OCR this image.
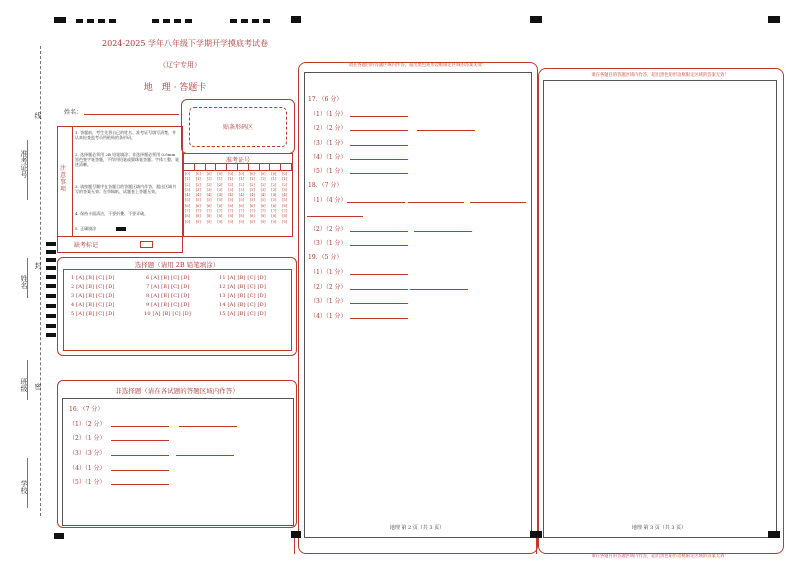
线
准考证号
封
姓名
班级 密
学校
2024-2025 学年八年级下学期开学摸底考试卷
（辽宁专用）
地　理 · 答题卡
姓名：
贴条形码区
注意事项
1. 答题前，考生先将自己的姓名、准考证号填写清楚，并认真检查监考员所粘贴的条形码。
2. 选择题必须用 2B 铅笔填涂；非选择题必须用 0.5mm 黑色签字笔答题，不得用铅笔或圆珠笔答题；字体工整、笔迹清晰。
3. 请按题号顺序在各题目的答题区域内作答，超出区域书写的答案无效；在草稿纸、试题卷上答题无效。
4. 保持卡面清洁，不要折叠、不要弄破。
5. 正确填涂
准考证号
[0]
[1]
[2]
[3]
[4]
[5]
[6]
[7]
[8]
[9]
[0]
[1]
[2]
[3]
[4]
[5]
[6]
[7]
[8]
[9]
[0]
[1]
[2]
[3]
[4]
[5]
[6]
[7]
[8]
[9]
[0]
[1]
[2]
[3]
[4]
[5]
[6]
[7]
[8]
[9]
[0]
[1]
[2]
[3]
[4]
[5]
[6]
[7]
[8]
[9]
[0]
[1]
[2]
[3]
[4]
[5]
[6]
[7]
[8]
[9]
[0]
[1]
[2]
[3]
[4]
[5]
[6]
[7]
[8]
[9]
[0]
[1]
[2]
[3]
[4]
[5]
[6]
[7]
[8]
[9]
[0]
[1]
[2]
[3]
[4]
[5]
[6]
[7]
[8]
[9]
[0]
[1]
[2]
[3]
[4]
[5]
[6]
[7]
[8]
[9]
缺考标记
选择题（请用 2B 铅笔填涂）
1 [A] [B] [C] [D]
2 [A] [B] [C] [D]
3 [A] [B] [C] [D]
4 [A] [B] [C] [D]
5 [A] [B] [C] [D]
6 [A] [B] [C] [D]
7 [A] [B] [C] [D]
8 [A] [B] [C] [D]
9 [A] [B] [C] [D]
10 [A] [B] [C] [D]
11 [A] [B] [C] [D]
12 [A] [B] [C] [D]
13 [A] [B] [C] [D]
14 [A] [B] [C] [D]
15 [A] [B] [C] [D]
非选择题（请在各试题的答题区域内作答）
16．（7 分）
（1）（2 分）
（2）（1 分）
（3）（3 分）
（4）（1 分）
（5）（1 分）
请在各题目的答题区域内作答，超出黑色矩形边框限定区域的答案无效！
17．（6 分）
（1）（1 分）
（2）（2 分）
（3）（1 分）
（4）（1 分）
（5）（1 分）
18．（7 分）
（1）（4 分）
（2）（2 分）
（3）（1 分）
19．（5 分）
（1）（1 分）
（2）（2 分）
（3）（1 分）
（4）（1 分）
地理 第 2 页（共 3 页）
请在各题目的答题区域内作答，超出黑色矩形边框限定区域的答案无效！
地理 第 3 页（共 3 页）
请在各题目的答题区域内作答，超出黑色矩形边框限定区域的答案无效！
